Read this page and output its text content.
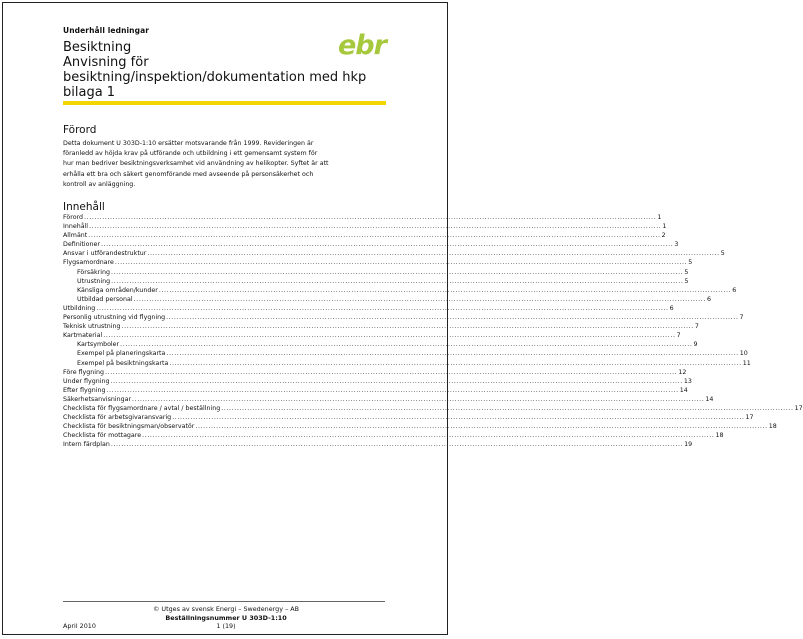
Underhåll ledningar
Besiktning
Anvisning för
besiktning/inspektion/dokumentation med hkp
bilaga 1
ebr
Förord
Detta dokument U 303D-1:10 ersätter motsvarande från 1999. Revideringen är
föranledd av höjda krav på utförande och utbildning i ett gemensamt system för
hur man bedriver besiktningsverksamhet vid användning av helikopter. Syftet är att
erhålla ett bra och säkert genomförande med avseende på personsäkerhet och
kontroll av anläggning.
Innehåll
Förord ............................................................................................................................................................................................................................ 1
Innehåll ............................................................................................................................................................................................................................ 1
Allmänt ............................................................................................................................................................................................................................ 2
Definitioner ............................................................................................................................................................................................................................ 3
Ansvar i utförandestruktur ............................................................................................................................................................................................................................ 5
Flygsamordnare ............................................................................................................................................................................................................................ 5
Försäkring ............................................................................................................................................................................................................................ 5
Utrustning ............................................................................................................................................................................................................................ 5
Känsliga områden/kunder ............................................................................................................................................................................................................................ 6
Utbildad personal ............................................................................................................................................................................................................................ 6
Utbildning ............................................................................................................................................................................................................................ 6
Personlig utrustning vid flygning ............................................................................................................................................................................................................................ 7
Teknisk utrustning ............................................................................................................................................................................................................................ 7
Kartmaterial ............................................................................................................................................................................................................................ 7
Kartsymboler ............................................................................................................................................................................................................................ 9
Exempel på planeringskarta ............................................................................................................................................................................................................................ 10
Exempel på besiktningskarta ............................................................................................................................................................................................................................ 11
Före flygning ............................................................................................................................................................................................................................ 12
Under flygning ............................................................................................................................................................................................................................ 13
Efter flygning ............................................................................................................................................................................................................................ 14
Säkerhetsanvisningar ............................................................................................................................................................................................................................ 14
Checklista för flygsamordnare / avtal / beställning ............................................................................................................................................................................................................................ 17
Checklista för arbetsgivaransvarig ............................................................................................................................................................................................................................ 17
Checklista för besiktningsman/observatör ............................................................................................................................................................................................................................ 18
Checklista för mottagare ............................................................................................................................................................................................................................ 18
Intern färdplan ............................................................................................................................................................................................................................ 19
© Utges av svensk Energi – Swedenergy – AB
Beställningsnummer U 303D-1:10
April 2010	1 (19)
